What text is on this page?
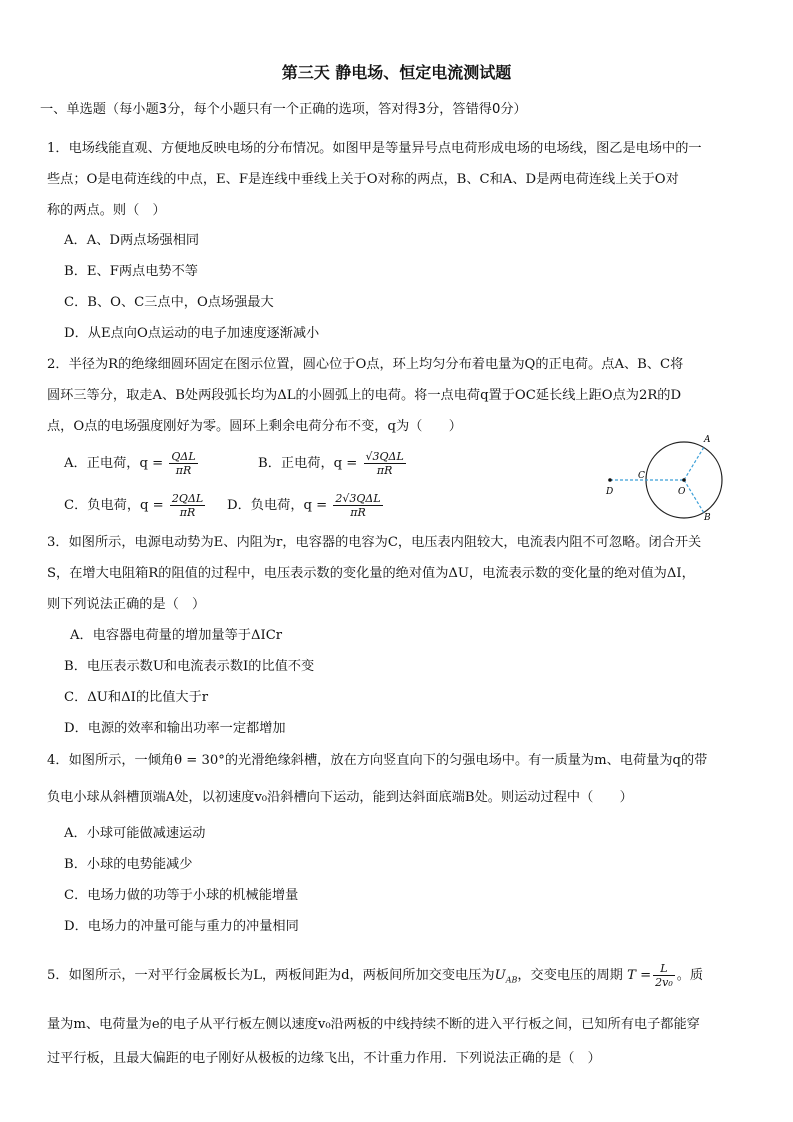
第三天 静电场、恒定电流测试题
一、单选题（每小题3分，每个小题只有一个正确的选项，答对得3分，答错得0分）
1．电场线能直观、方便地反映电场的分布情况。如图甲是等量异号点电荷形成电场的电场线，图乙是电场中的一
些点；O是电荷连线的中点，E、F是连线中垂线上关于O对称的两点，B、C和A、D是两电荷连线上关于O对
称的两点。则（　）
A．A、D两点场强相同
B．E、F两点电势不等
C．B、O、C三点中，O点场强最大
D．从E点向O点运动的电子加速度逐渐减小
2．半径为R的绝缘细圆环固定在图示位置，圆心位于O点，环上均匀分布着电量为Q的正电荷。点A、B、C将
圆环三等分，取走A、B处两段弧长均为ΔL的小圆弧上的电荷。将一点电荷q置于OC延长线上距O点为2R的D
点，O点的电场强度刚好为零。圆环上剩余电荷分布不变，q为（　　）
A．正电荷，$q = \frac{\text{QΔL}}{\pi R}$	B．正电荷，$q = \frac{\text{√3QΔL}}{\pi R}$
C．负电荷，$q = \frac{\text{2QΔL}}{\pi R}$ D．负电荷，$q = \frac{\text{2√3QΔL}}{\pi R}$	D
C
O
A
B
3．如图所示，电源电动势为E、内阻为r，电容器的电容为C，电压表内阻较大，电流表内阻不可忽略。闭合开关
S，在增大电阻箱R的阻值的过程中，电压表示数的变化量的绝对值为ΔU，电流表示数的变化量的绝对值为ΔI，
则下列说法正确的是（　）
A．电容器电荷量的增加量等于ΔICr
B．电压表示数U和电流表示数I的比值不变
C．ΔU和ΔI的比值大于r
D．电源的效率和输出功率一定都增加
4．如图所示，一倾角θ = 30°的光滑绝缘斜槽，放在方向竖直向下的匀强电场中。有一质量为m、电荷量为q的带
负电小球从斜槽顶端A处，以初速度v₀沿斜槽向下运动，能到达斜面底端B处。则运动过程中（　　）
A．小球可能做减速运动
B．小球的电势能减少
C．电场力做的功等于小球的机械能增量
D．电场力的冲量可能与重力的冲量相同
5．如图所示，一对平行金属板长为L，两板间距为d，两板间所加交变电压为$U_{AB}$，交变电压的周期 $T = \frac{L}{\text{2v₀}}$ 。质
量为m、电荷量为e的电子从平行板左侧以速度v₀沿两板的中线持续不断的进入平行板之间，已知所有电子都能穿
过平行板，且最大偏距的电子刚好从极板的边缘飞出，不计重力作用．下列说法正确的是（　）
